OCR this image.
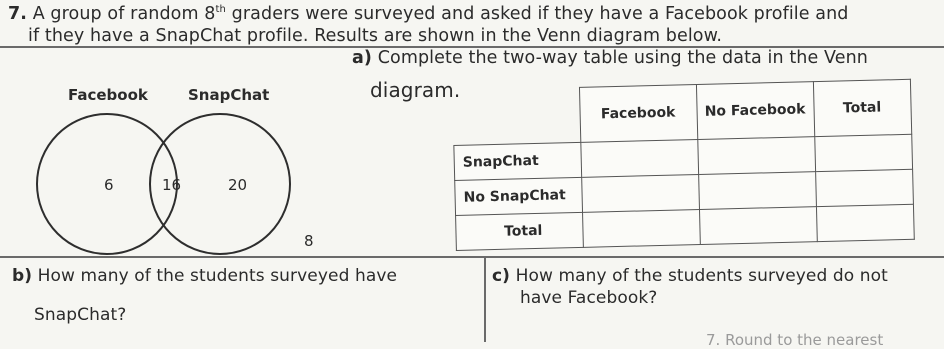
7. A group of random 8th graders were surveyed and asked if they have a Facebook profile and
if they have a SnapChat profile. Results are shown in the Venn diagram below.
a) Complete the two-way table using the data in the Venn
diagram.
Facebook	SnapChat
6	16	20
8
	Facebook	No Facebook	Total
SnapChat			
No SnapChat			
Total			
b) How many of the students surveyed have
SnapChat?
c) How many of the students surveyed do not
have Facebook?
7. Round to the nearest
